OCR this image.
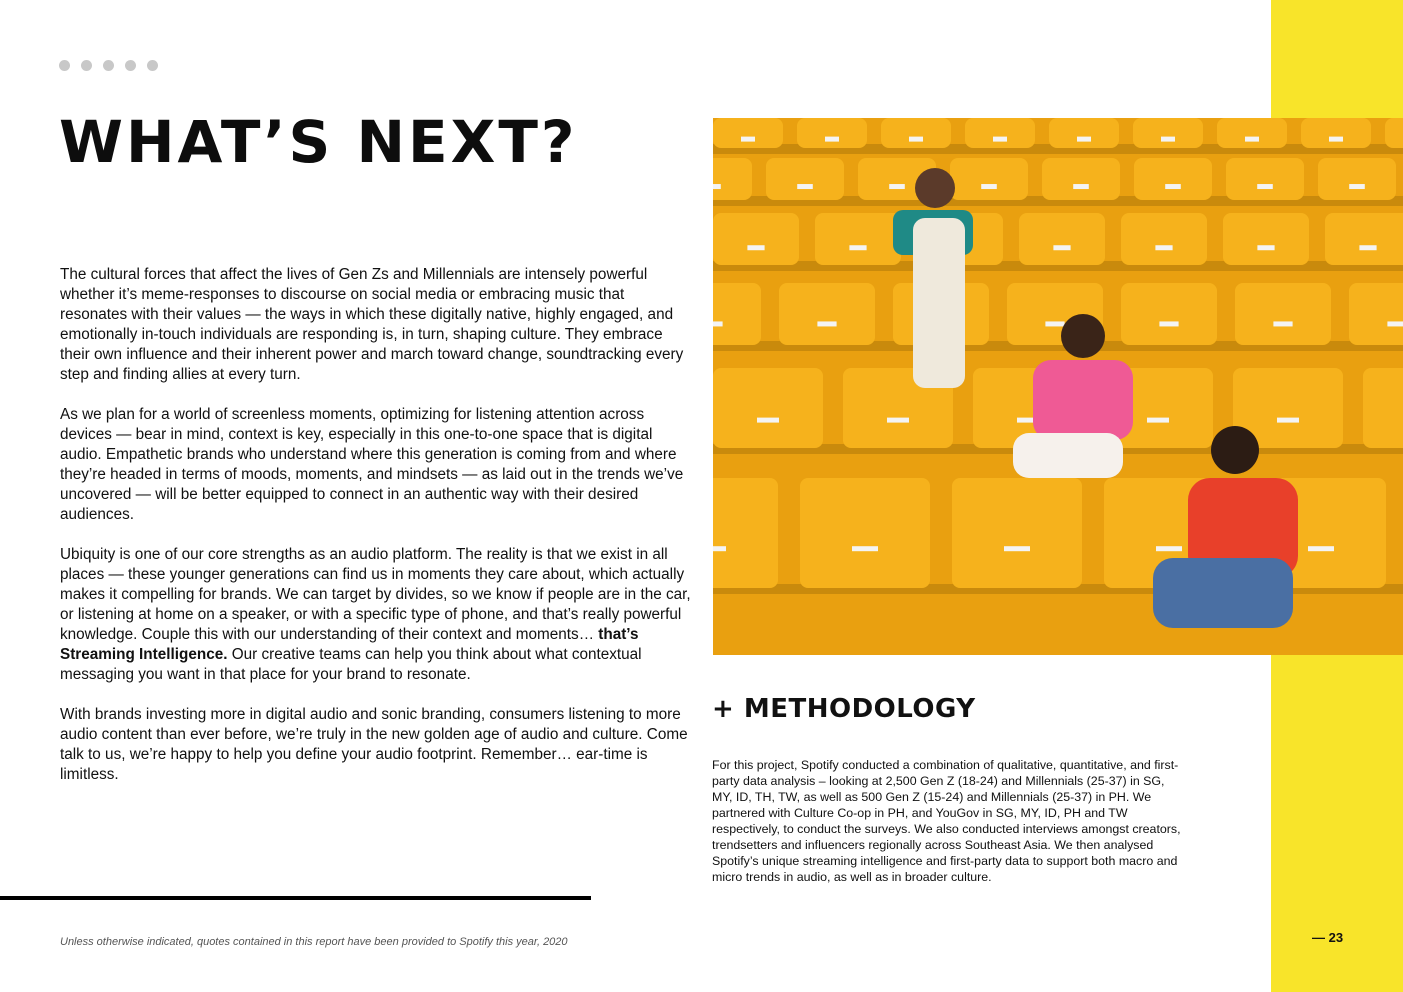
WHAT’S NEXT?

The cultural forces that affect the lives of Gen Zs and Millennials are intensely powerful whether it’s meme-responses to discourse on social media or embracing music that resonates with their values — the ways in which these digitally native, highly engaged, and emotionally in-touch individuals are responding is, in turn, shaping culture. They embrace their own influence and their inherent power and march toward change, soundtracking every step and finding allies at every turn.

As we plan for a world of screenless moments, optimizing for listening attention across devices — bear in mind, context is key, especially in this one-to-one space that is digital audio. Empathetic brands who understand where this generation is coming from and where they’re headed in terms of moods, moments, and mindsets — as laid out in the trends we’ve uncovered — will be better equipped to connect in an authentic way with their desired audiences.

Ubiquity is one of our core strengths as an audio platform. The reality is that we exist in all places — these younger generations can find us in moments they care about, which actually makes it compelling for brands. We can target by divides, so we know if people are in the car, or listening at home on a speaker, or with a specific type of phone, and that’s really powerful knowledge. Couple this with our understanding of their context and moments… that’s Streaming Intelligence. Our creative teams can help you think about what contextual messaging you want in that place for your brand to resonate.

With brands investing more in digital audio and sonic branding, consumers listening to more audio content than ever before, we’re truly in the new golden age of audio and culture. Come talk to us, we’re happy to help you define your audio footprint. Remember… ear-time is limitless.

Unless otherwise indicated, quotes contained in this report have been provided to Spotify this year, 2020
+ METHODOLOGY

For this project, Spotify conducted a combination of qualitative, quantitative, and first-party data analysis – looking at 2,500 Gen Z (18-24) and Millennials (25-37) in SG, MY, ID, TH, TW, as well as 500 Gen Z (15-24) and Millennials (25-37) in PH. We partnered with Culture Co-op in PH, and YouGov in SG, MY, ID, PH and TW respectively, to conduct the surveys. We also conducted interviews amongst creators, trendsetters and influencers regionally across Southeast Asia. We then analysed Spotify’s unique streaming intelligence and first-party data to support both macro and micro trends in audio, as well as in broader culture.

— 23
